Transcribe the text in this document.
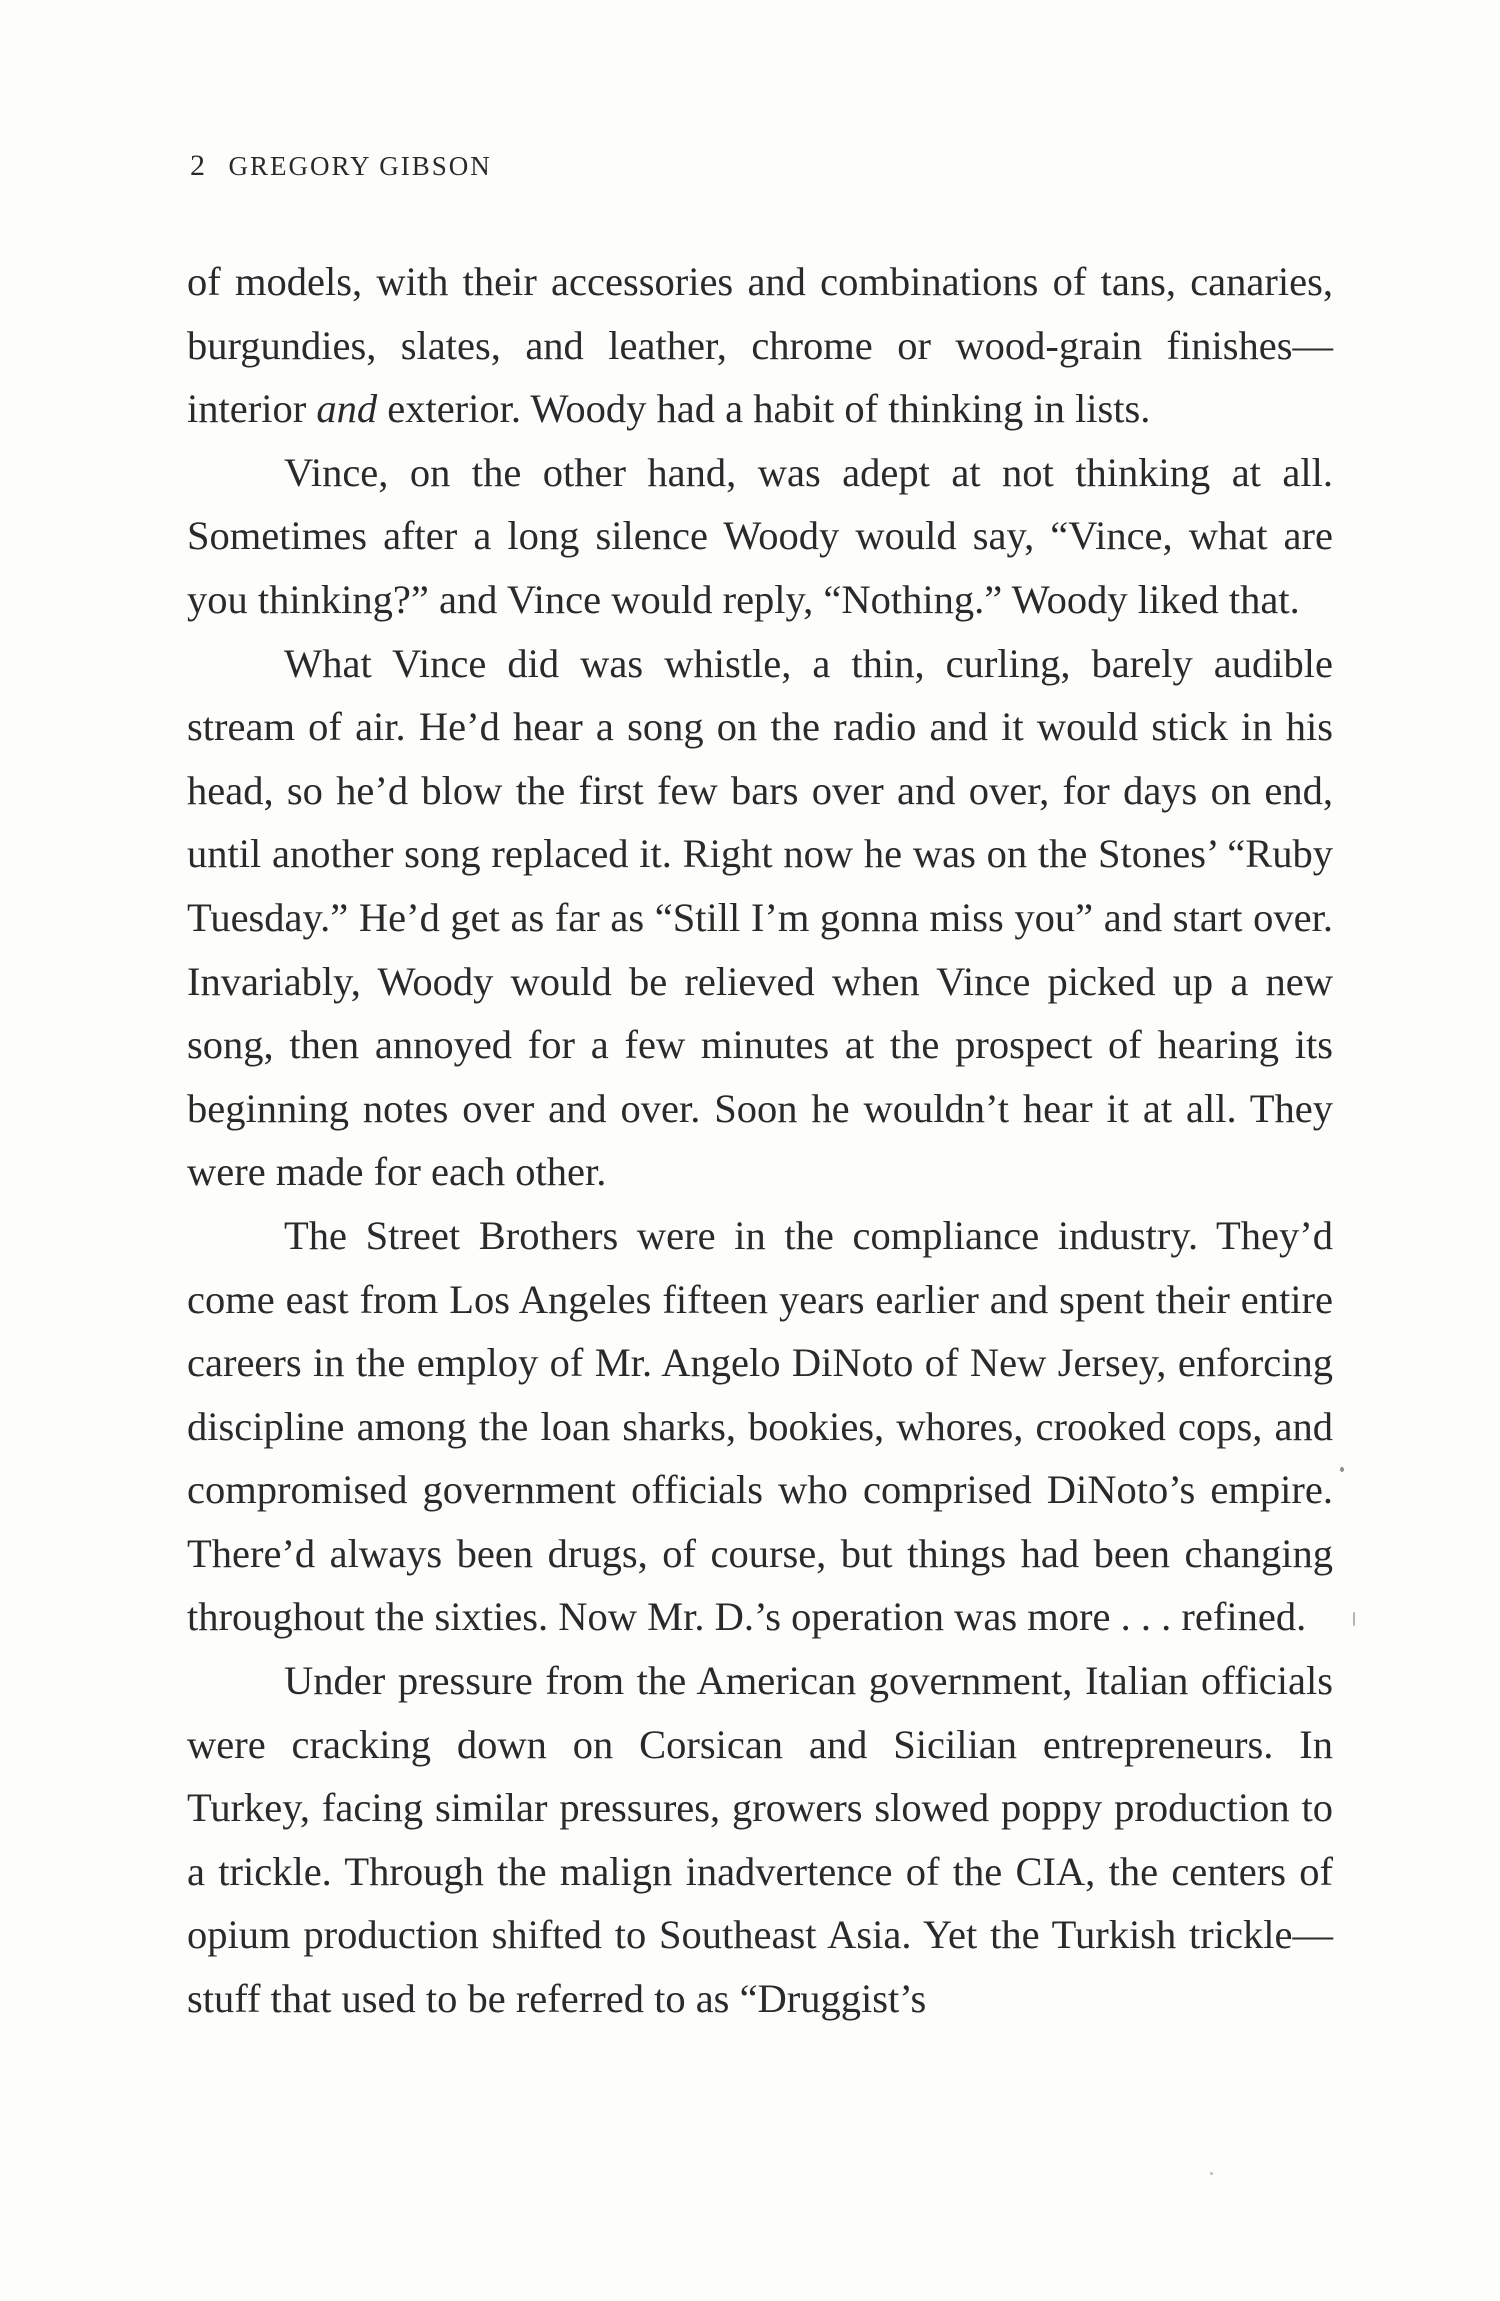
2 GREGORY GIBSON

of models, with their accessories and combinations of tans, canaries, burgundies, slates, and leather, chrome or wood-grain finishes—interior and exterior. Woody had a habit of thinking in lists.

Vince, on the other hand, was adept at not thinking at all. Sometimes after a long silence Woody would say, “Vince, what are you thinking?” and Vince would reply, “Nothing.” Woody liked that.

What Vince did was whistle, a thin, curling, barely audible stream of air. He’d hear a song on the radio and it would stick in his head, so he’d blow the first few bars over and over, for days on end, until another song replaced it. Right now he was on the Stones’ “Ruby Tuesday.” He’d get as far as “Still I’m gonna miss you” and start over. Invariably, Woody would be relieved when Vince picked up a new song, then annoyed for a few minutes at the prospect of hearing its beginning notes over and over. Soon he wouldn’t hear it at all. They were made for each other.

The Street Brothers were in the compliance industry. They’d come east from Los Angeles fifteen years earlier and spent their entire careers in the employ of Mr. Angelo DiNoto of New Jersey, enforcing discipline among the loan sharks, bookies, whores, crooked cops, and compromised government officials who comprised DiNoto’s empire. There’d always been drugs, of course, but things had been changing throughout the sixties. Now Mr. D.’s operation was more . . . refined.

Under pressure from the American government, Italian officials were cracking down on Corsican and Sicilian entrepreneurs. In Turkey, facing similar pressures, growers slowed poppy production to a trickle. Through the malign inadvertence of the CIA, the centers of opium production shifted to Southeast Asia. Yet the Turkish trickle—stuff that used to be referred to as “Druggist’s
